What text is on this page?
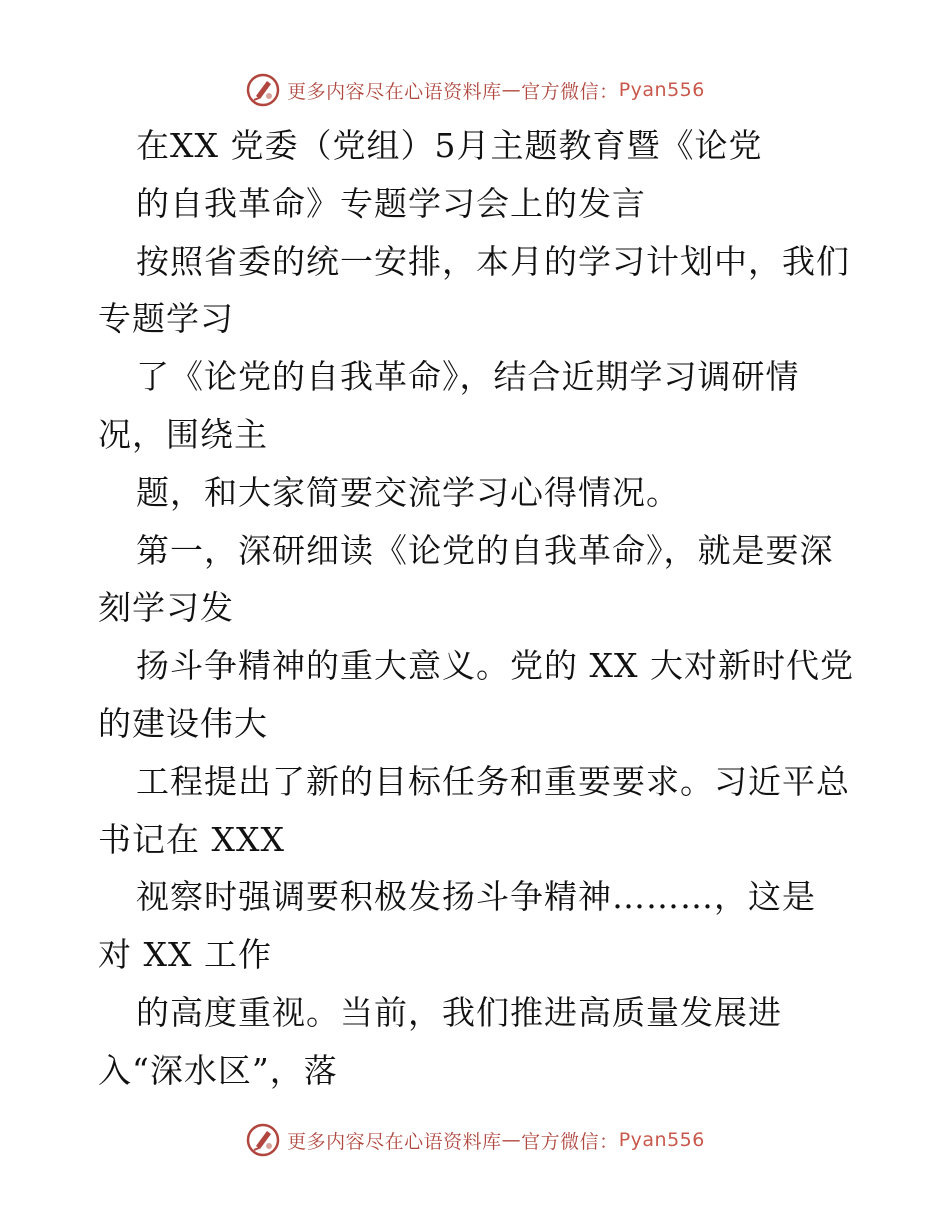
更多内容尽在心语资料库 — 官方微信： Pyan556
在XX 党委（党组）5月主题教育暨《论党
的自我革命》专题学习会上的发言
按照省委的统一安排，本月的学习计划中，我们
专题学习
了《论党的自我革命》，结合近期学习调研情
况，围绕主
题，和大家简要交流学习心得情况。
第一，深研细读《论党的自我革命》，就是要深
刻学习发
扬斗争精神的重大意义。党的 XX 大对新时代党
的建设伟大
工程提出了新的目标任务和重要要求。习近平总
书记在 XXX
视察时强调要积极发扬斗争精神………，这是
对 XX 工作
的高度重视。当前，我们推进高质量发展进
入“深水区”，落
更多内容尽在心语资料库 — 官方微信： Pyan556
